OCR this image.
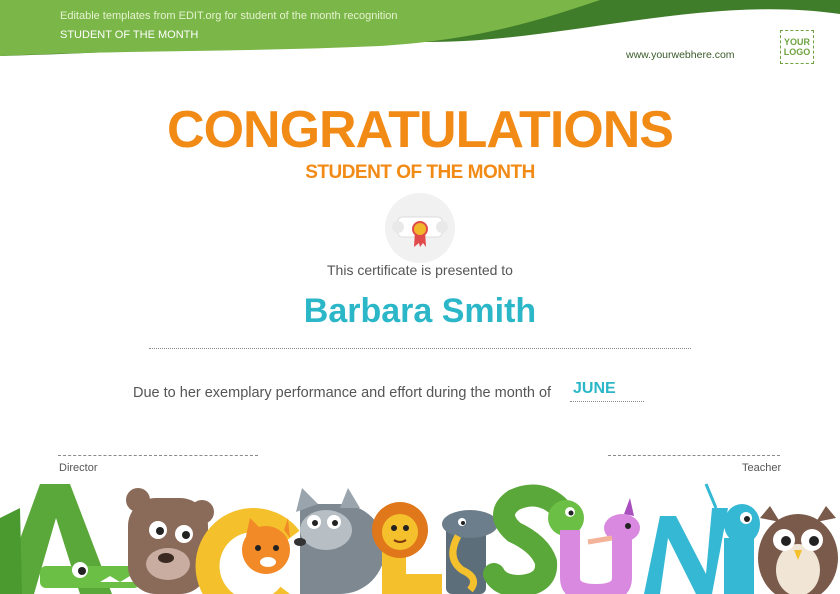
Editable templates from EDIT.org for student of the month recognition
STUDENT OF THE MONTH
www.yourwebhere.com
YOUR
LOGO
CONGRATULATIONS
STUDENT OF THE MONTH
This certificate is presented to
Barbara Smith
Due to her exemplary performance and effort during the month of JUNE
Director	Teacher
